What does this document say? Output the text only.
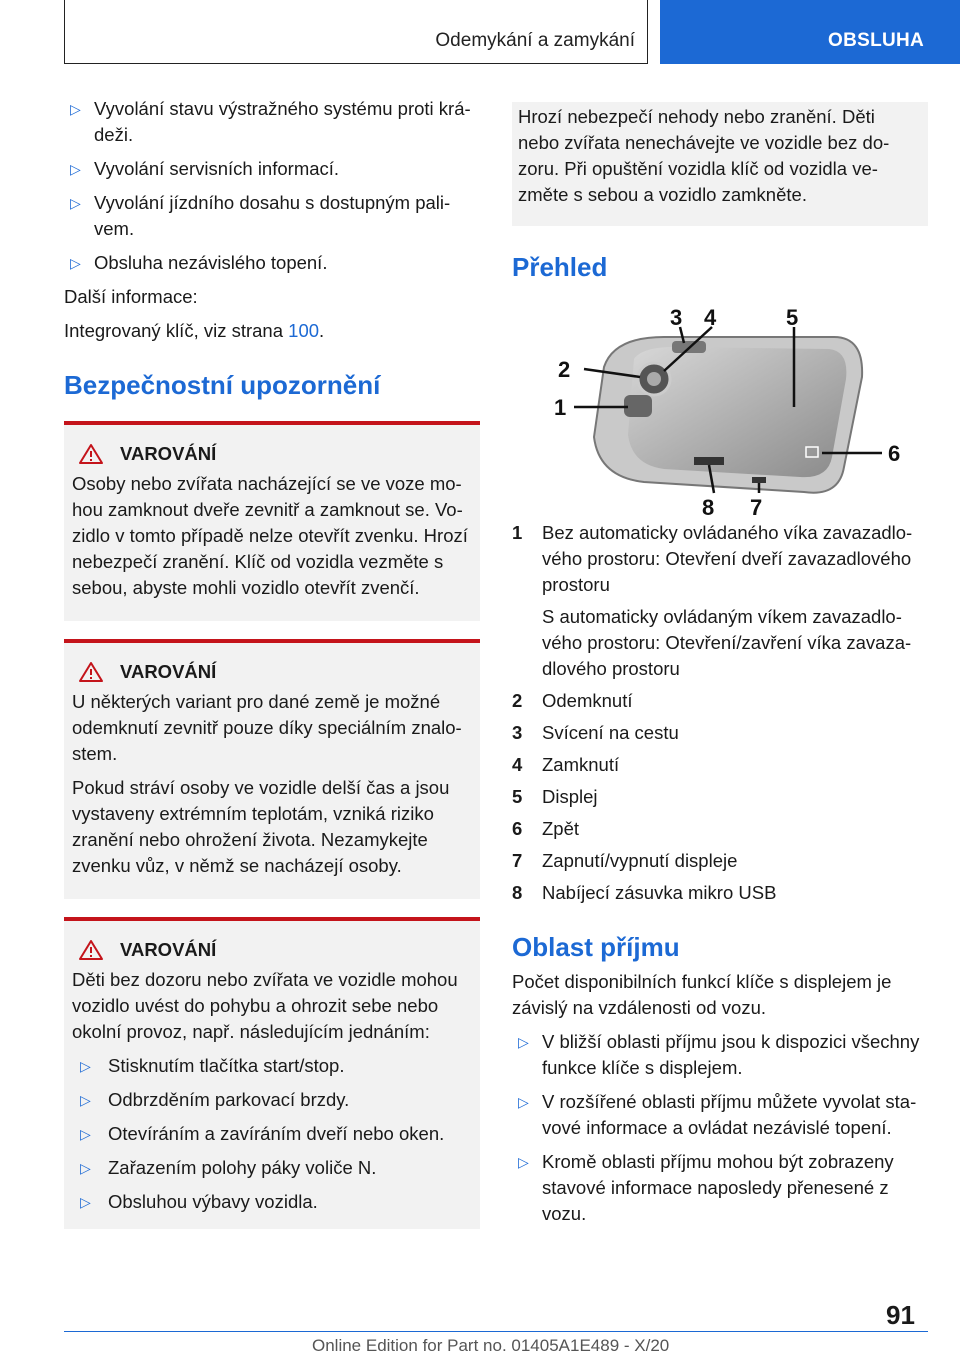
Odemykání a zamykání	OBSLUHA
▷ Vyvolání stavu výstražného systému proti krá-deži.
▷ Vyvolání servisních informací.
▷ Vyvolání jízdního dosahu s dostupným pali-vem.
▷ Obsluha nezávislého topení.

Další informace:

Integrovaný klíč, viz strana 100.

Bezpečnostní upozornění
VAROVÁNÍ

Osoby nebo zvířata nacházející se ve voze mo-hou zamknout dveře zevnitř a zamknout se. Vo-zidlo v tomto případě nelze otevřít zvenku. Hrozí nebezpečí zranění. Klíč od vozidla vezměte s sebou, abyste mohli vozidlo otevřít zvenčí.

VAROVÁNÍ

U některých variant pro dané země je možné odemknutí zevnitř pouze díky speciálním znalo-stem.

Pokud stráví osoby ve vozidle delší čas a jsou vystaveny extrémním teplotám, vzniká riziko zranění nebo ohrožení života. Nezamykejte zvenku vůz, v němž se nacházejí osoby.

VAROVÁNÍ

Děti bez dozoru nebo zvířata ve vozidle mohou vozidlo uvést do pohybu a ohrozit sebe nebo okolní provoz, např. následujícím jednáním:

▷ Stisknutím tlačítka start/stop.
▷ Odbrzděním parkovací brzdy.
▷ Otevíráním a zavíráním dveří nebo oken.
▷ Zařazením polohy páky voliče N.
▷ Obsluhou výbavy vozidla.

Hrozí nebezpečí nehody nebo zranění. Děti nebo zvířata nenechávejte ve vozidle bez do-zoru. Při opuštění vozidla klíč od vozidla ve-změte s sebou a vozidlo zamkněte.

Přehled
1
2
3 4	5
6
7
8
1	Bez automaticky ovládaného víka zavazadlo-vého prostoru: Otevření dveří zavazadlového prostoru

S automaticky ovládaným víkem zavazadlo-vého prostoru: Otevření/zavření víka zavaza-dlového prostoru

2	Odemknutí
3	Svícení na cestu
4	Zamknutí
5	Displej
6	Zpět
7	Zapnutí/vypnutí displeje
8	Nabíjecí zásuvka mikro USB
Oblast příjmu

Počet disponibilních funkcí klíče s displejem je závislý na vzdálenosti od vozu.

▷ V bližší oblasti příjmu jsou k dispozici všechny funkce klíče s displejem.
▷ V rozšířené oblasti příjmu můžete vyvolat sta-vové informace a ovládat nezávislé topení.
▷ Kromě oblasti příjmu mohou být zobrazeny stavové informace naposledy přenesené z vozu.
91
Online Edition for Part no. 01405A1E489 - X/20
